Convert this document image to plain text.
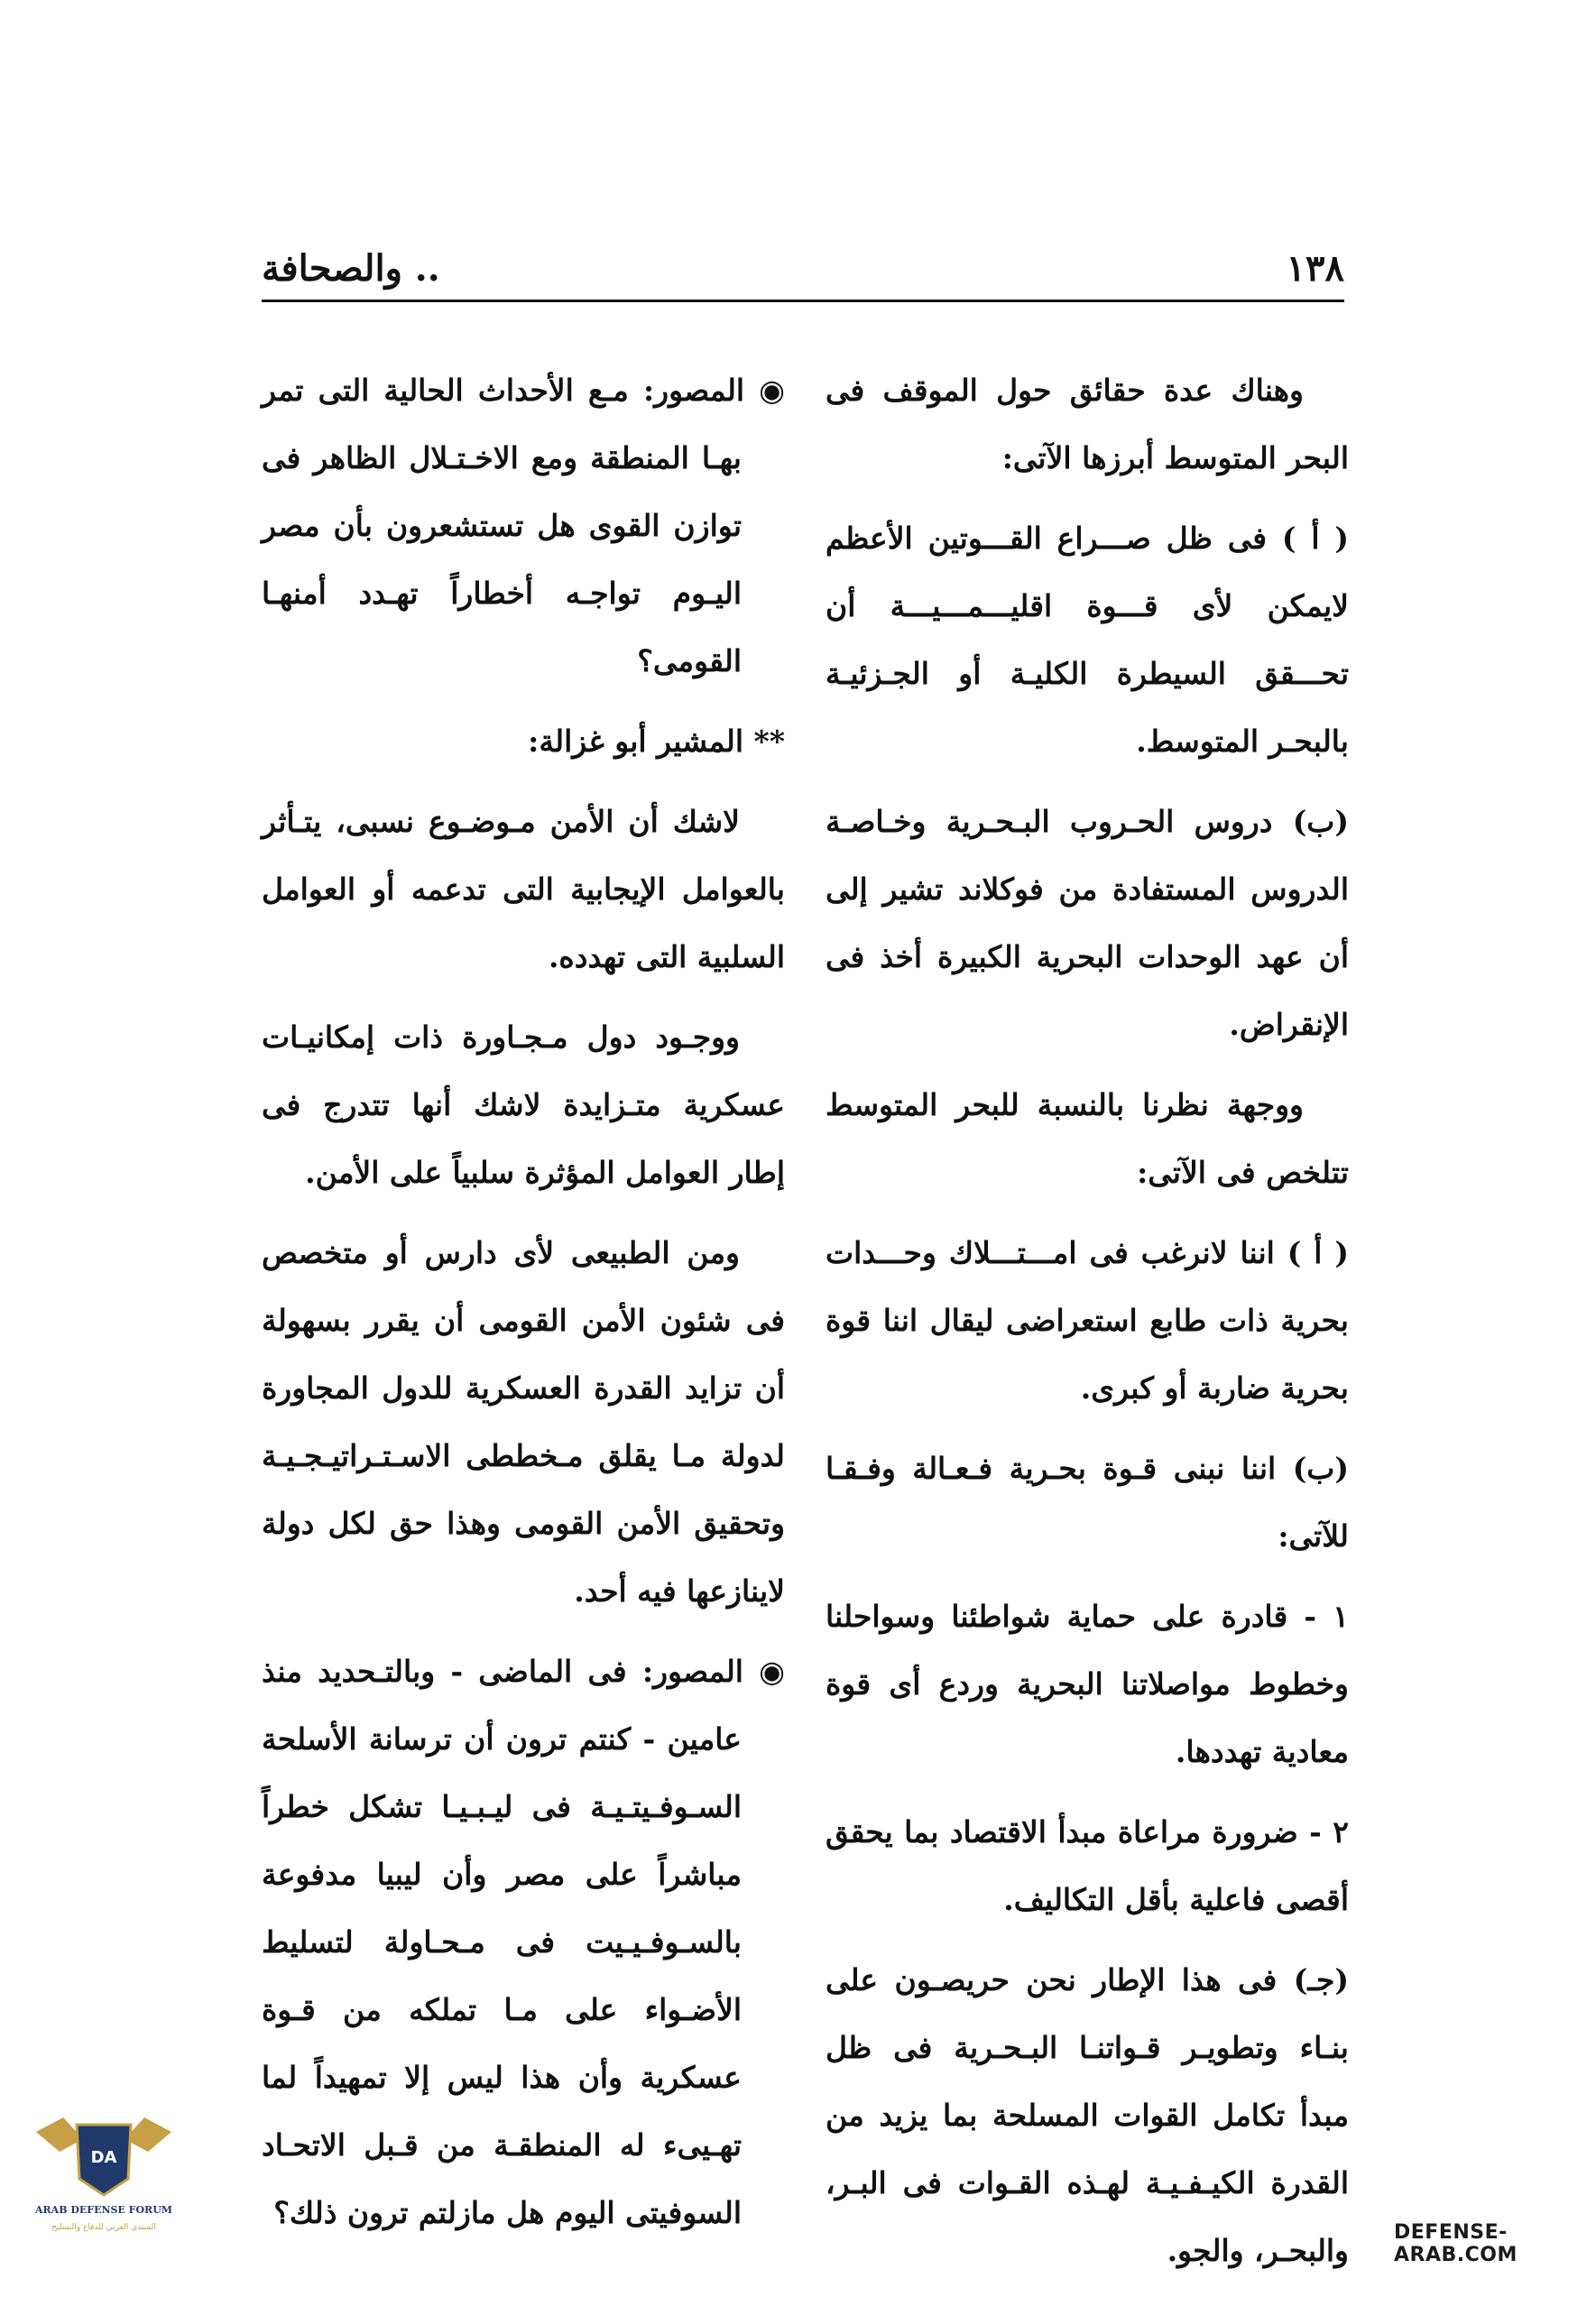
.. والصحافة	١٣٨

وهناك عدة حقائق حول الموقف فى البحر المتوسط أبرزها الآتى:

( أ ) فى ظل صـــراع القـــوتين الأعظم لايمكن لأى قـــوة اقليـــمـــيـــة أن تحـــقق السيطرة الكليـة أو الجـزئيـة بالبحـر المتوسط.

(ب) دروس الحـروب البـحـرية وخـاصـة الدروس المستفادة من فوكلاند تشير إلى أن عهد الوحدات البحرية الكبيرة أخذ فى الإنقراض.

ووجهة نظرنا بالنسبة للبحر المتوسط تتلخص فى الآتى:

( أ ) اننا لانرغب فى امـــتـــلاك وحـــدات بحرية ذات طابع استعراضى ليقال اننا قوة بحرية ضاربة أو كبرى.

(ب) اننا نبنى قـوة بحـرية فـعـالة وفـقـا للآتى:

١ - قادرة على حماية شواطئنا وسواحلنا وخطوط مواصلاتنا البحرية وردع أى قوة معادية تهددها.

٢ - ضرورة مراعاة مبدأ الاقتصاد بما يحقق أقصى فاعلية بأقل التكاليف.

(جـ) فى هذا الإطار نحن حريصـون على بنـاء وتطويـر قـواتنـا البـحـرية فى ظل مبدأ تكامل القوات المسلحة بما يزيد من القدرة الكيـفـيـة لهـذه القـوات فى البـر، والبحـر، والجو.

◉ المصور: مـع الأحداث الحالية التى تمر بهـا المنطقة ومع الاخـتـلال الظاهر فى توازن القوى هل تستشعرون بأن مصر اليـوم تواجـه أخطاراً تهـدد أمنهـا القومى؟

** المشير أبو غزالة:

لاشك أن الأمن مـوضـوع نسبى، يتـأثر بالعوامل الإيجابية التى تدعمه أو العوامل السلبية التى تهدده.

ووجـود دول مـجـاورة ذات إمكانيـات عسكرية متـزايدة لاشك أنها تتدرج فى إطار العوامل المؤثرة سلبياً على الأمن.

ومن الطبيعى لأى دارس أو متخصص فى شئون الأمن القومى أن يقرر بسهولة أن تزايد القدرة العسكرية للدول المجاورة لدولة مـا يقلق مـخططى الاسـتـراتيـجـيـة وتحقيق الأمن القومى وهذا حق لكل دولة لاينازعها فيه أحد.

◉ المصور: فى الماضى - وبالتـحديد منذ عامين - كنتم ترون أن ترسانة الأسلحة السـوفـيتـيـة فى ليـبـيـا تشكل خطراً مباشراً على مصر وأن ليبيا مدفوعة بالسـوفـيـيت فى مـحـاولة لتسليط الأضـواء على مـا تملكه من قـوة عسكرية وأن هذا ليس إلا تمهيداً لما تهـيىء له المنطقـة من قـبل الاتحـاد السوفيتى اليوم هل مازلتم ترون ذلك؟

DA
ARAB DEFENSE FORUM
المنتدى العربي للدفاع والتسليح	DEFENSE-ARAB.COM
